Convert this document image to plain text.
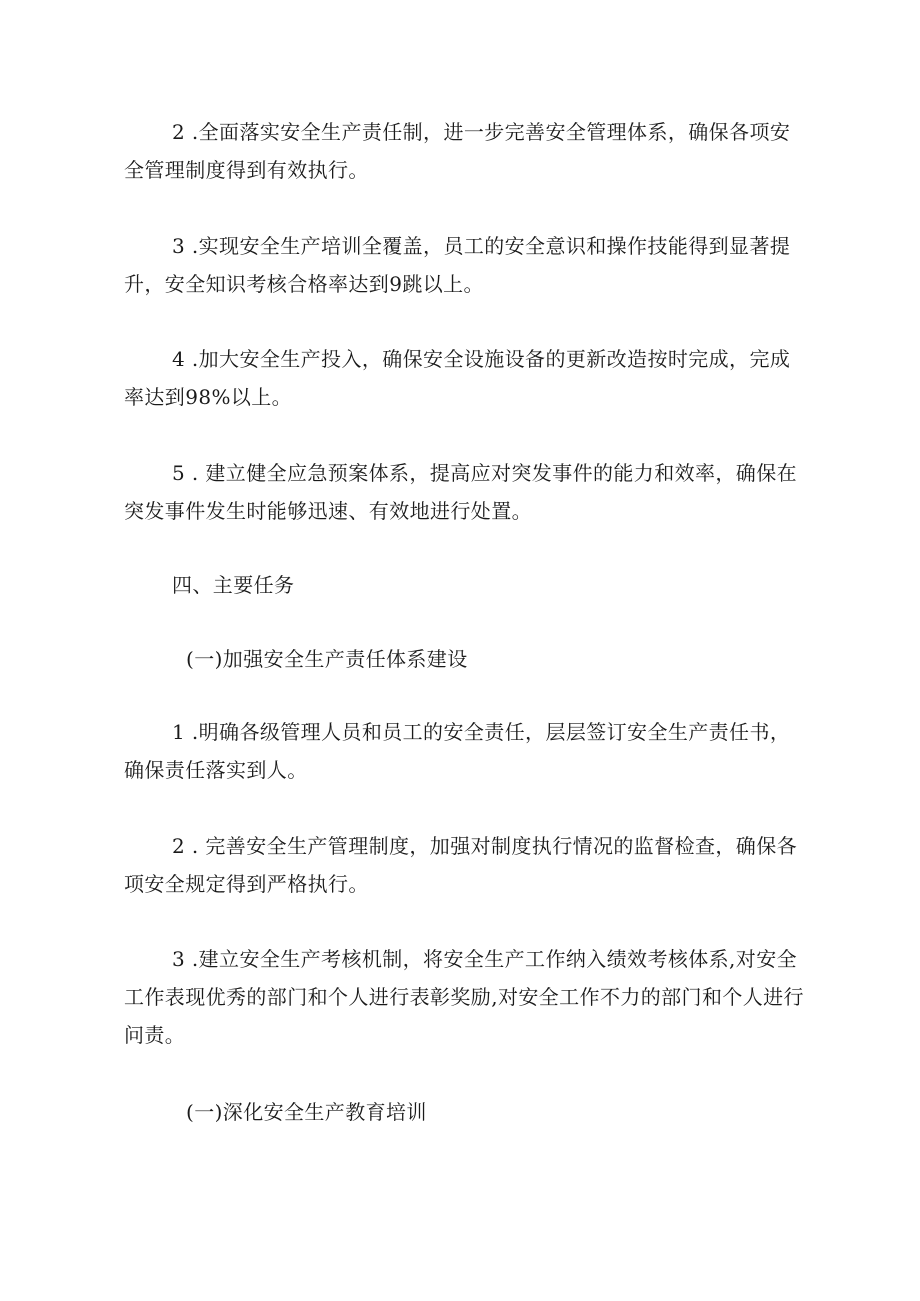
2 .全面落实安全生产责任制，进一步完善安全管理体系，确保各项安全管理制度得到有效执行。

3 .实现安全生产培训全覆盖，员工的安全意识和操作技能得到显著提升，安全知识考核合格率达到9跳以上。

4 .加大安全生产投入，确保安全设施设备的更新改造按时完成，完成率达到98%以上。

5 . 建立健全应急预案体系，提高应对突发事件的能力和效率，确保在突发事件发生时能够迅速、有效地进行处置。

四、主要任务

(一)加强安全生产责任体系建设

1 .明确各级管理人员和员工的安全责任，层层签订安全生产责任书，确保责任落实到人。

2 . 完善安全生产管理制度，加强对制度执行情况的监督检查，确保各项安全规定得到严格执行。

3 .建立安全生产考核机制，将安全生产工作纳入绩效考核体系,对安全工作表现优秀的部门和个人进行表彰奖励,对安全工作不力的部门和个人进行问责。

(一)深化安全生产教育培训
